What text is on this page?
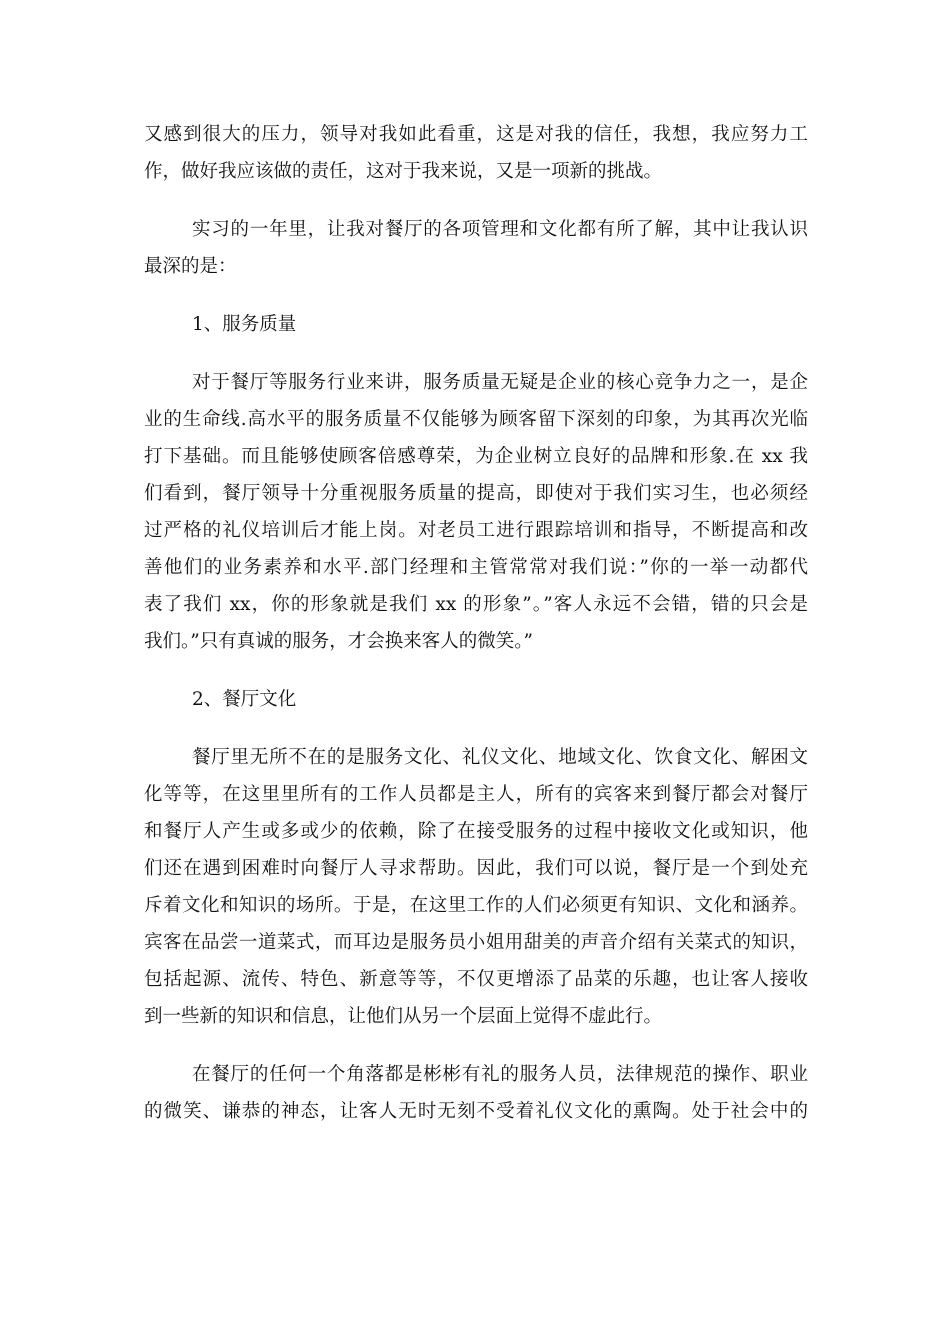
又感到很大的压力，领导对我如此看重，这是对我的信任，我想，我应努力工
作，做好我应该做的责任，这对于我来说，又是一项新的挑战。
实习的一年里，让我对餐厅的各项管理和文化都有所了解，其中让我认识
最深的是：
1、服务质量
对于餐厅等服务行业来讲，服务质量无疑是企业的核心竞争力之一，是企
业的生命线.高水平的服务质量不仅能够为顾客留下深刻的印象，为其再次光临
打下基础。而且能够使顾客倍感尊荣，为企业树立良好的品牌和形象.在 xx 我
们看到，餐厅领导十分重视服务质量的提高，即使对于我们实习生，也必须经
过严格的礼仪培训后才能上岗。对老员工进行跟踪培训和指导，不断提高和改
善他们的业务素养和水平.部门经理和主管常常对我们说：”你的一举一动都代
表了我们 xx，你的形象就是我们 xx 的形象”。”客人永远不会错，错的只会是
我们。”只有真诚的服务，才会换来客人的微笑。”
2、餐厅文化
餐厅里无所不在的是服务文化、礼仪文化、地域文化、饮食文化、解困文
化等等，在这里里所有的工作人员都是主人，所有的宾客来到餐厅都会对餐厅
和餐厅人产生或多或少的依赖，除了在接受服务的过程中接收文化或知识，他
们还在遇到困难时向餐厅人寻求帮助。因此，我们可以说，餐厅是一个到处充
斥着文化和知识的场所。于是，在这里工作的人们必须更有知识、文化和涵养。
宾客在品尝一道菜式，而耳边是服务员小姐用甜美的声音介绍有关菜式的知识，
包括起源、流传、特色、新意等等，不仅更增添了品菜的乐趣，也让客人接收
到一些新的知识和信息，让他们从另一个层面上觉得不虚此行。
在餐厅的任何一个角落都是彬彬有礼的服务人员，法律规范的操作、职业
的微笑、谦恭的神态，让客人无时无刻不受着礼仪文化的熏陶。处于社会中的
